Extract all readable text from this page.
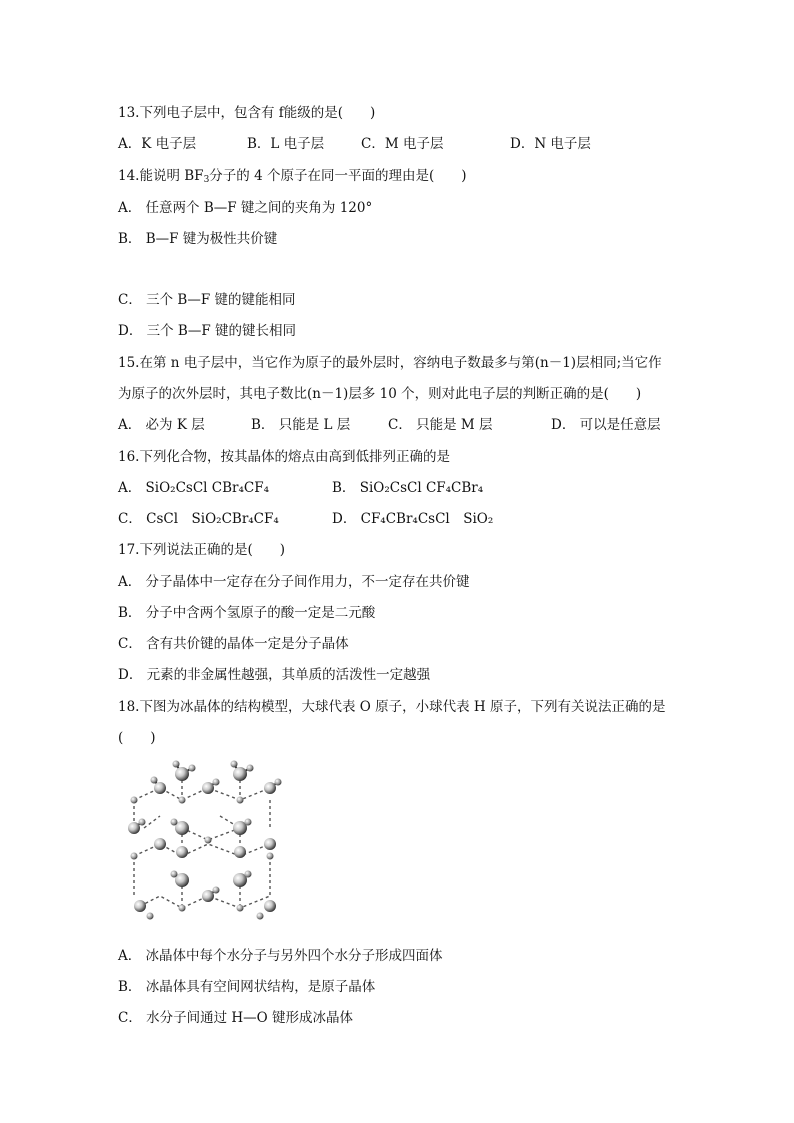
13.下列电子层中，包含有 f能级的是(　　)
A．K 电子层	B．L 电子层	C．M 电子层	D．N 电子层
14.能说明 $BF_3$分子的 4 个原子在同一平面的理由是(　　)
A． 任意两个 B—F 键之间的夹角为 120°
B． B—F 键为极性共价键
C． 三个 B—F 键的键能相同
D． 三个 B—F 键的键长相同
15.在第 n 电子层中，当它作为原子的最外层时，容纳电子数最多与第(n－1)层相同;当它作
为原子的次外层时，其电子数比(n－1)层多 10 个，则对此电子层的判断正确的是(　　)
A． 必为 K 层	B． 只能是 L 层	C． 只能是 M 层	D． 可以是任意层
16.下列化合物，按其晶体的熔点由高到低排列正确的是
A． SiO₂CsCl CBr₄CF₄	B． SiO₂CsCl CF₄CBr₄
C． CsCl　SiO₂CBr₄CF₄	D． CF₄CBr₄CsCl　SiO₂
17.下列说法正确的是(　　)
A． 分子晶体中一定存在分子间作用力，不一定存在共价键
B． 分子中含两个氢原子的酸一定是二元酸
C． 含有共价键的晶体一定是分子晶体
D． 元素的非金属性越强，其单质的活泼性一定越强
18.下图为冰晶体的结构模型，大球代表 O 原子，小球代表 H 原子，下列有关说法正确的是
(　　)
A． 冰晶体中每个水分子与另外四个水分子形成四面体
B． 冰晶体具有空间网状结构，是原子晶体
C． 水分子间通过 H—O 键形成冰晶体
